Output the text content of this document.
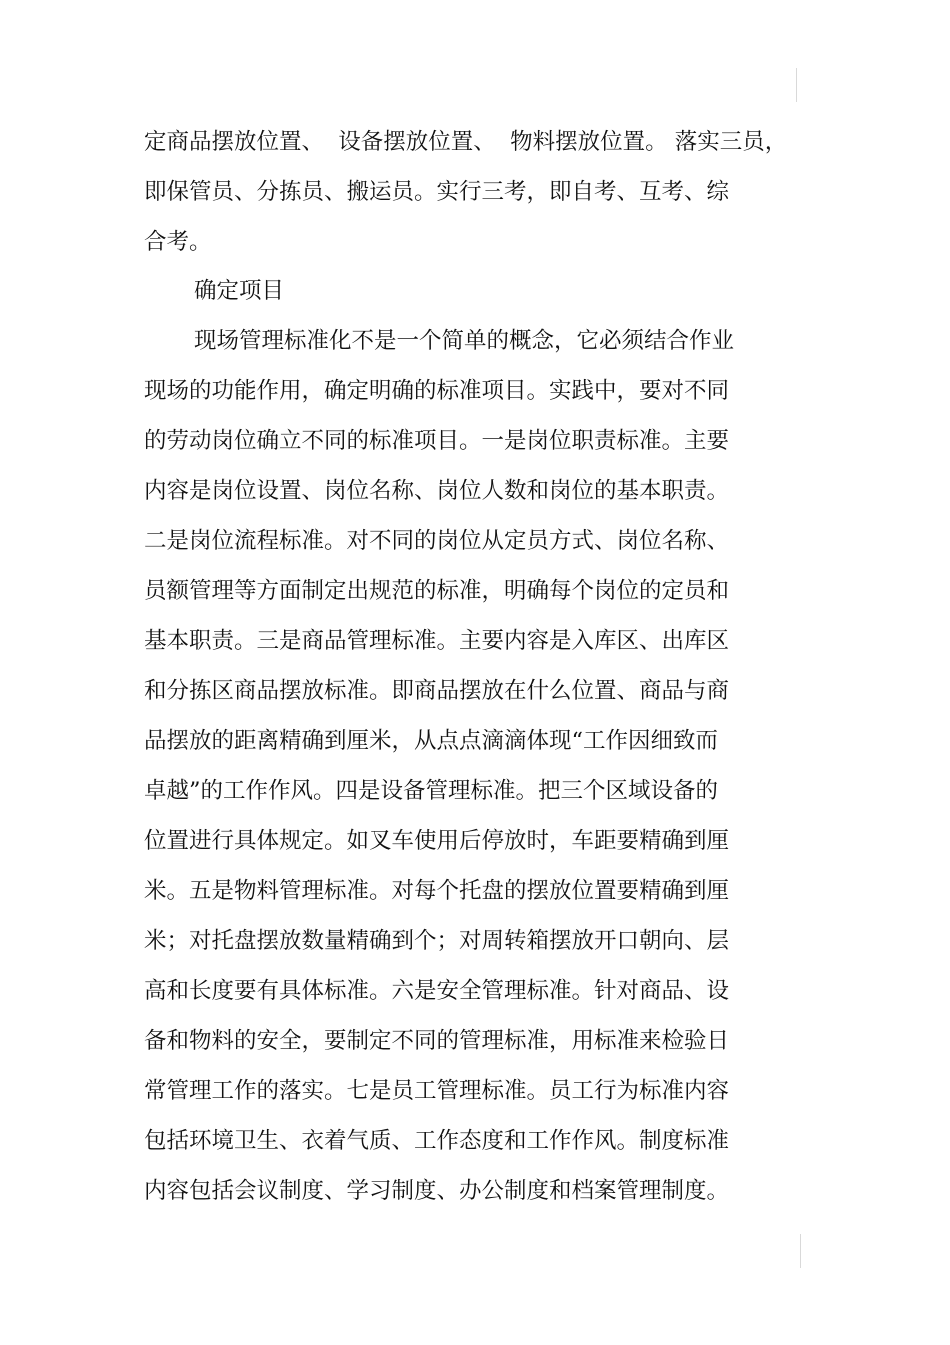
定商品摆放位置、  设备摆放位置、  物料摆放位置。 落实三员，
即保管员、分拣员、搬运员。实行三考，即自考、互考、综
合考。
确定项目
现场管理标准化不是一个简单的概念，它必须结合作业
现场的功能作用，确定明确的标准项目。实践中，要对不同
的劳动岗位确立不同的标准项目。一是岗位职责标准。主要
内容是岗位设置、岗位名称、岗位人数和岗位的基本职责。
二是岗位流程标准。对不同的岗位从定员方式、岗位名称、
员额管理等方面制定出规范的标准，明确每个岗位的定员和
基本职责。三是商品管理标准。主要内容是入库区、出库区
和分拣区商品摆放标准。即商品摆放在什么位置、商品与商
品摆放的距离精确到厘米，从点点滴滴体现“工作因细致而
卓越”的工作作风。四是设备管理标准。把三个区域设备的
位置进行具体规定。如叉车使用后停放时，车距要精确到厘
米。五是物料管理标准。对每个托盘的摆放位置要精确到厘
米；对托盘摆放数量精确到个；对周转箱摆放开口朝向、层
高和长度要有具体标准。六是安全管理标准。针对商品、设
备和物料的安全，要制定不同的管理标准，用标准来检验日
常管理工作的落实。七是员工管理标准。员工行为标准内容
包括环境卫生、衣着气质、工作态度和工作作风。制度标准
内容包括会议制度、学习制度、办公制度和档案管理制度。
